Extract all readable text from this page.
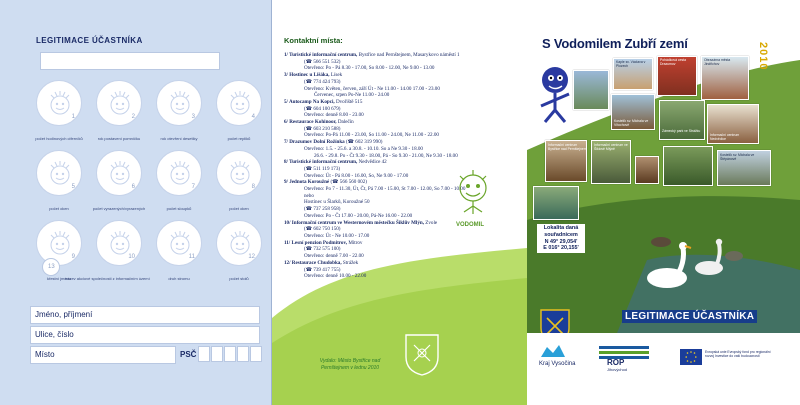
LEGITIMACE ÚČASTNÍKA
1
počet hodinových ciferníků
2
rok postavení pomníčku
3
rok otevření desetiky
4
počet repliků
5
počet oken
6
počet vyrazených/vyrazených
7
počet sloupků
8
počet oken
9
křestní jméno
10	11
druh stromu
12
počet stolů
13
název akciové společnosti z informačním území
Jméno, příjmení
Ulice, číslo
Místo	PSČ
Kontaktní místa:
1/ Turistické informační centrum, Bystřice nad Pernštejnem, Masarykovo náměstí 1
(☎ 566 551 532)
Otevřeno: Po - Pá 8.30 - 17.00, So 8.00 - 12.00, Ne 9.00 - 13.00
3/ Hostinec u Lišáka, Lísek
(☎ 774 424 793)
Otevřeno: Květen, červen, září Út - Ne 11.00 - 14.00 17.00 - 23.00
Červenec, srpen Po-Ne 11.00 - 24.00
5/ Autocamp Na Kopci, Dvořiště 515
(☎ 604 100 679)
Otevřeno: denně 8.00 - 23.00
6/ Restaurace Kohinoor, Dalečín
(☎ 603 210 588)
Otevřeno: Po-Pá 11.00 - 23.00, So 11.00 - 24.00, Ne 11.00 - 22.00
7/ Drazumov Dolní Rožínka (☎ 602 319 990)
Otevřeno: 1.5. - 25.6. a 30.8. - 10.10. So a Ne 9.30 - 18.00
26.6. - 29.8. Po - Čt 9.30 - 18.00, Pá - So 9.30 - 21.00, Ne 9.30 - 18.00
8/ Turistické informační centrum, Nedvědice 42
(☎ 511 119 173)
Otevřeno: Út - Pá 8.00 - 16.00, So, Ne 9.00 - 17.00
9/ Jednota Koroužné (☎ 566 560 002)
Otevřeno: Po 7 - 11.30, Út, Čt, Pá 7.00 - 15.00, St 7.00 - 12.00, So 7.00 - 10.00
nebo
Hostinec u Šlarků, Koroužné 50
(☎ 737 258 958)
Otevřeno: Po - Čt 17.00 - 20.00, Pá-Ne 16.00 - 22.00
10/ Informační centrum ve Westernovém městečku Šiklův Mlýn, Zvole
(☎ 602 750 150)
Otevřeno: Út - Ne 10.00 - 17.00
11/ Lesní penzion Podmitrov, Mitrov
(☎ 732 575 100)
Otevřeno: denně 7.00 - 22.00
12/ Restaurace Chudobka, Strážek
(☎ 739 417 755)
Otevřeno: denně 10.00 - 22.00
VODOMIL
Vydalo: Město Bystřice nad Pernštejnem v lednu 2010
S Vodomilem Zubří zemí	2010
Kaple sv. Václava v Plozech
Pohádková cesta Drazumov
Obrazárna města Jindřichov
Kostelík sv. Michala ve Vítochově
Zámecký park ve Strážku
Informační centrum Nedvědice
Informační centrum Bystřice nad Pernštejnem
Informační centrum ve Šiklově Mlýně
Kostelík sv. Michala ve Štěpánově
Lokalita daná
souřadnicem
N 49° 29,054'
E 016° 20,155'
LEGITIMACE ÚČASTNÍKA
Kraj Vysočina	ROP
Jihovýchod
Evropská unie Evropský fond pro regionální rozvoj Investice do vaší budoucnosti
